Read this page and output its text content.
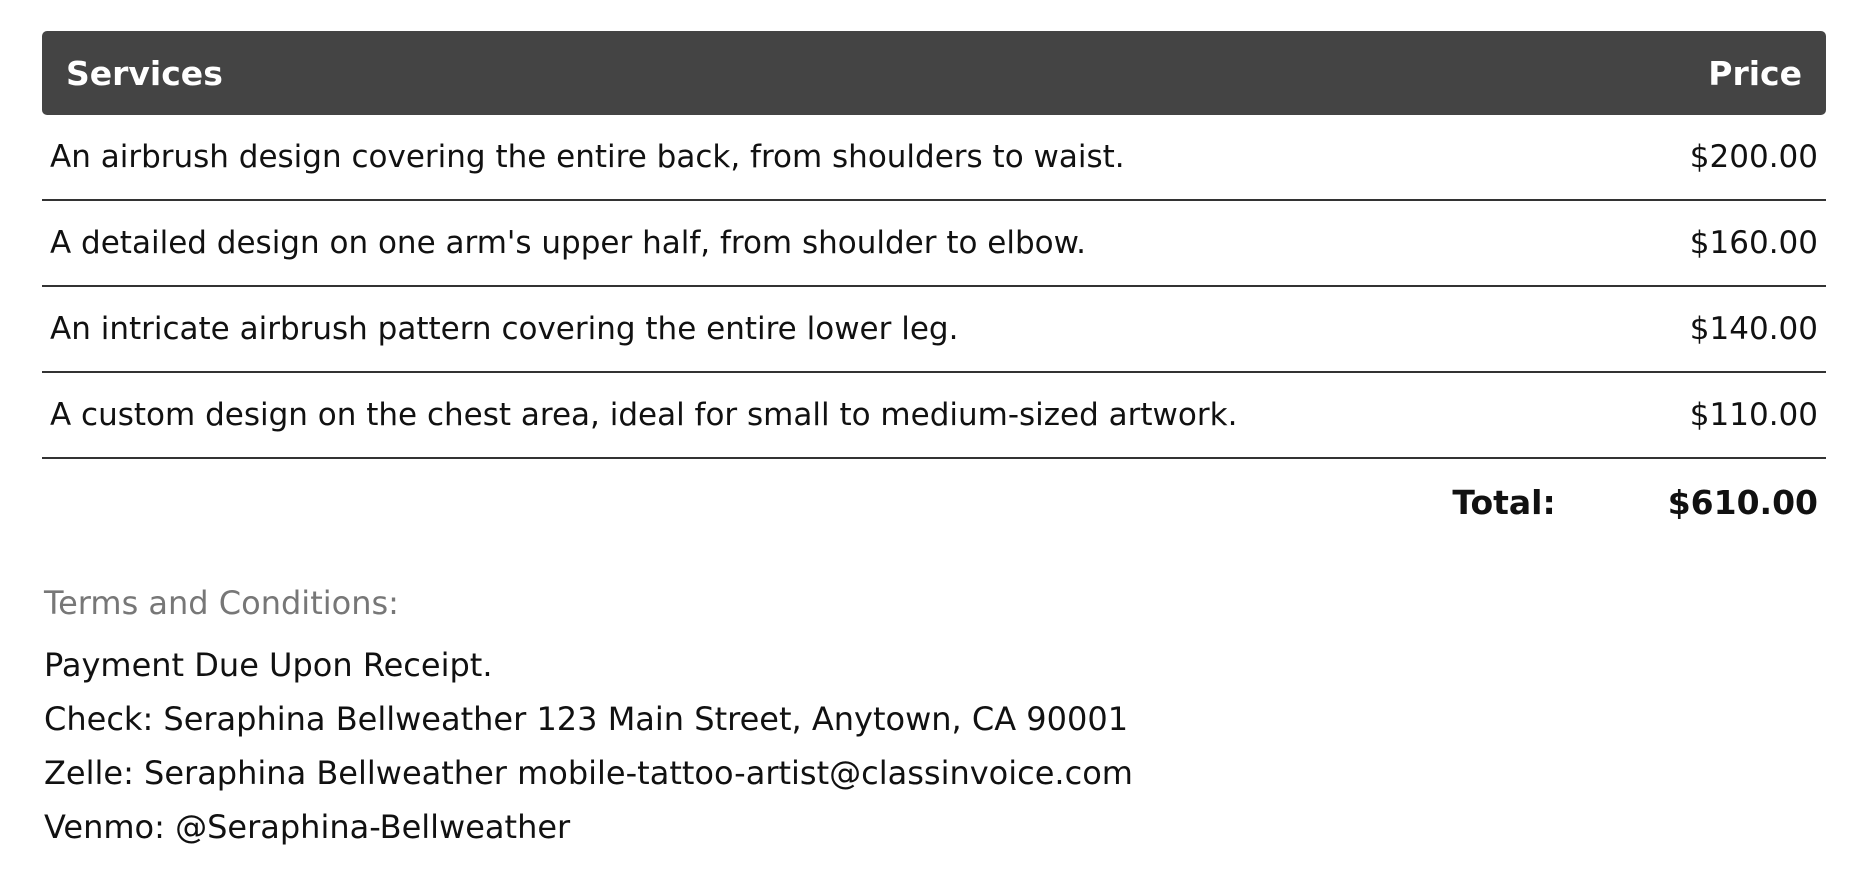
Services	Price
An airbrush design covering the entire back, from shoulders to waist.	$200.00
A detailed design on one arm's upper half, from shoulder to elbow.	$160.00
An intricate airbrush pattern covering the entire lower leg.	$140.00
A custom design on the chest area, ideal for small to medium-sized artwork.	$110.00
Total:	$610.00
Terms and Conditions:
Payment Due Upon Receipt.
Check: Seraphina Bellweather 123 Main Street, Anytown, CA 90001
Zelle: Seraphina Bellweather mobile-tattoo-artist@classinvoice.com
Venmo: @Seraphina-Bellweather
